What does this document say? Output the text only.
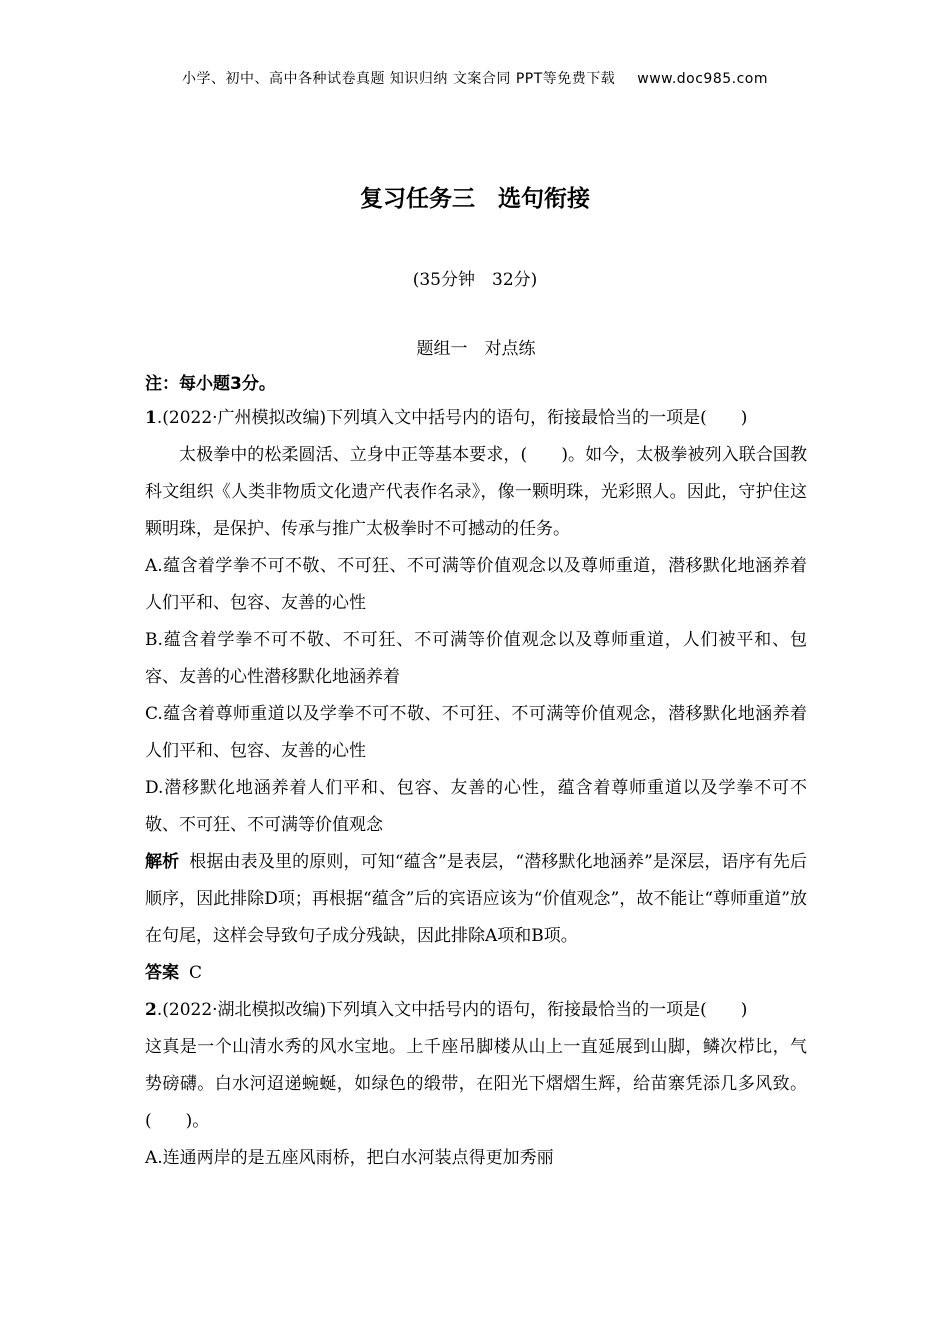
小学、初中、高中各种试卷真题 知识归纳 文案合同 PPT等免费下载 www.doc985.com
复习任务三　选句衔接
(35分钟　32分)
题组一　对点练

注：每小题3分。

1.(2022·广州模拟改编)下列填入文中括号内的语句，衔接最恰当的一项是(　　)

太极拳中的松柔圆活、立身中正等基本要求，(　　)。如今，太极拳被列入联合国教科文组织《人类非物质文化遗产代表作名录》，像一颗明珠，光彩照人。因此，守护住这颗明珠，是保护、传承与推广太极拳时不可撼动的任务。

A.蕴含着学拳不可不敬、不可狂、不可满等价值观念以及尊师重道，潜移默化地涵养着人们平和、包容、友善的心性

B.蕴含着学拳不可不敬、不可狂、不可满等价值观念以及尊师重道，人们被平和、包容、友善的心性潜移默化地涵养着

C.蕴含着尊师重道以及学拳不可不敬、不可狂、不可满等价值观念，潜移默化地涵养着人们平和、包容、友善的心性

D.潜移默化地涵养着人们平和、包容、友善的心性，蕴含着尊师重道以及学拳不可不敬、不可狂、不可满等价值观念

解析 根据由表及里的原则，可知“蕴含”是表层，“潜移默化地涵养”是深层，语序有先后顺序，因此排除D项；再根据“蕴含”后的宾语应该为“价值观念”，故不能让“尊师重道”放在句尾，这样会导致句子成分残缺，因此排除A项和B项。

答案 C

2.(2022·湖北模拟改编)下列填入文中括号内的语句，衔接最恰当的一项是(　　)

这真是一个山清水秀的风水宝地。上千座吊脚楼从山上一直延展到山脚，鳞次栉比，气势磅礴。白水河迢递蜿蜒，如绿色的缎带，在阳光下熠熠生辉，给苗寨凭添几多风致。(　　)。

A.连通两岸的是五座风雨桥，把白水河装点得更加秀丽
